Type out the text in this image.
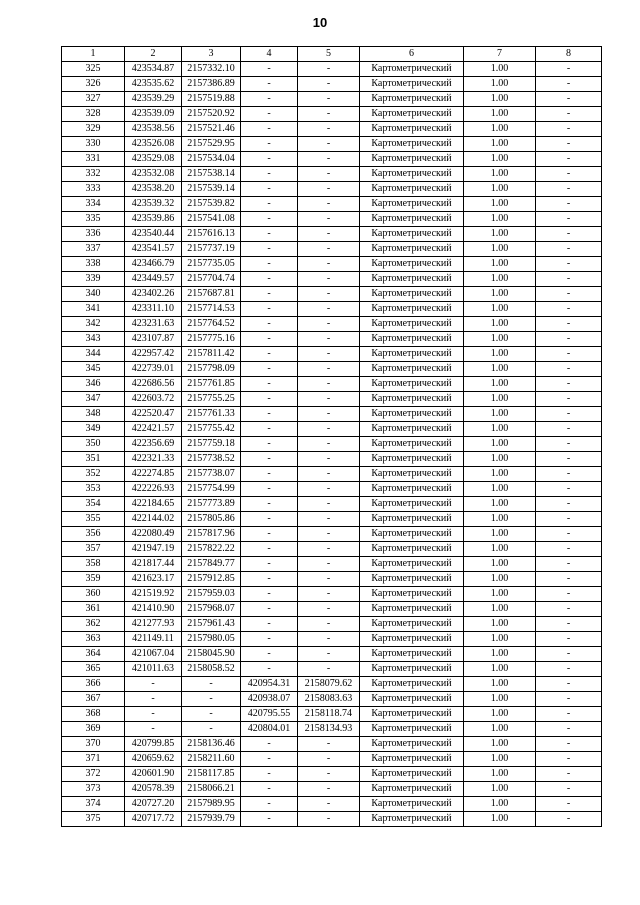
10
1	2	3	4	5	6	7	8
325	423534.87	2157332.10	-	-	Картометрический	1.00	-
326	423535.62	2157386.89	-	-	Картометрический	1.00	-
327	423539.29	2157519.88	-	-	Картометрический	1.00	-
328	423539.09	2157520.92	-	-	Картометрический	1.00	-
329	423538.56	2157521.46	-	-	Картометрический	1.00	-
330	423526.08	2157529.95	-	-	Картометрический	1.00	-
331	423529.08	2157534.04	-	-	Картометрический	1.00	-
332	423532.08	2157538.14	-	-	Картометрический	1.00	-
333	423538.20	2157539.14	-	-	Картометрический	1.00	-
334	423539.32	2157539.82	-	-	Картометрический	1.00	-
335	423539.86	2157541.08	-	-	Картометрический	1.00	-
336	423540.44	2157616.13	-	-	Картометрический	1.00	-
337	423541.57	2157737.19	-	-	Картометрический	1.00	-
338	423466.79	2157735.05	-	-	Картометрический	1.00	-
339	423449.57	2157704.74	-	-	Картометрический	1.00	-
340	423402.26	2157687.81	-	-	Картометрический	1.00	-
341	423311.10	2157714.53	-	-	Картометрический	1.00	-
342	423231.63	2157764.52	-	-	Картометрический	1.00	-
343	423107.87	2157775.16	-	-	Картометрический	1.00	-
344	422957.42	2157811.42	-	-	Картометрический	1.00	-
345	422739.01	2157798.09	-	-	Картометрический	1.00	-
346	422686.56	2157761.85	-	-	Картометрический	1.00	-
347	422603.72	2157755.25	-	-	Картометрический	1.00	-
348	422520.47	2157761.33	-	-	Картометрический	1.00	-
349	422421.57	2157755.42	-	-	Картометрический	1.00	-
350	422356.69	2157759.18	-	-	Картометрический	1.00	-
351	422321.33	2157738.52	-	-	Картометрический	1.00	-
352	422274.85	2157738.07	-	-	Картометрический	1.00	-
353	422226.93	2157754.99	-	-	Картометрический	1.00	-
354	422184.65	2157773.89	-	-	Картометрический	1.00	-
355	422144.02	2157805.86	-	-	Картометрический	1.00	-
356	422080.49	2157817.96	-	-	Картометрический	1.00	-
357	421947.19	2157822.22	-	-	Картометрический	1.00	-
358	421817.44	2157849.77	-	-	Картометрический	1.00	-
359	421623.17	2157912.85	-	-	Картометрический	1.00	-
360	421519.92	2157959.03	-	-	Картометрический	1.00	-
361	421410.90	2157968.07	-	-	Картометрический	1.00	-
362	421277.93	2157961.43	-	-	Картометрический	1.00	-
363	421149.11	2157980.05	-	-	Картометрический	1.00	-
364	421067.04	2158045.90	-	-	Картометрический	1.00	-
365	421011.63	2158058.52	-	-	Картометрический	1.00	-
366	-	-	420954.31	2158079.62	Картометрический	1.00	-
367	-	-	420938.07	2158083.63	Картометрический	1.00	-
368	-	-	420795.55	2158118.74	Картометрический	1.00	-
369	-	-	420804.01	2158134.93	Картометрический	1.00	-
370	420799.85	2158136.46	-	-	Картометрический	1.00	-
371	420659.62	2158211.60	-	-	Картометрический	1.00	-
372	420601.90	2158117.85	-	-	Картометрический	1.00	-
373	420578.39	2158066.21	-	-	Картометрический	1.00	-
374	420727.20	2157989.95	-	-	Картометрический	1.00	-
375	420717.72	2157939.79	-	-	Картометрический	1.00	-
